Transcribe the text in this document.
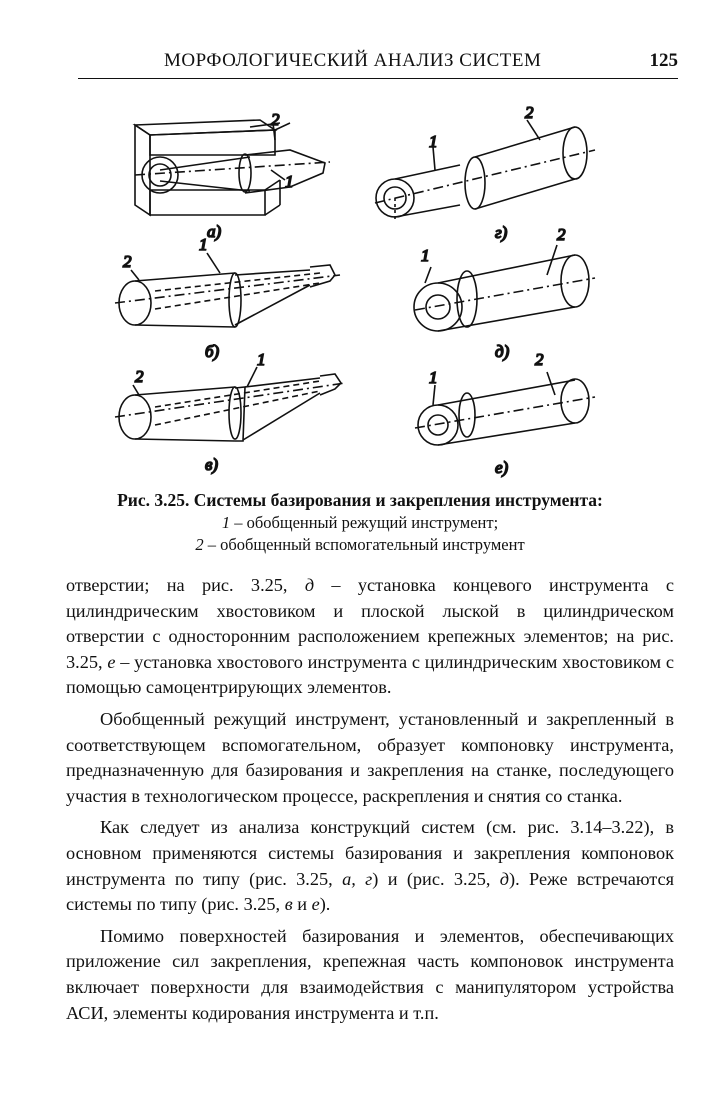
МОРФОЛОГИЧЕСКИЙ АНАЛИЗ СИСТЕМ	125
2
1
а)
1
2
б) 1
2
в)
1
2
г)
1
2
д)
1
2
е)
Рис. 3.25. Системы базирования и закрепления инструмента:
1 – обобщенный режущий инструмент;
2 – обобщенный вспомогательный инструмент

отверстии; на рис. 3.25, д – установка концевого инструмента с цилиндрическим хвостовиком и плоской лыской в цилиндрическом отверстии с односторонним расположением крепежных элементов; на рис. 3.25, е – установка хвостового инструмента с цилиндрическим хвостовиком с помощью самоцентрирующих элементов.

Обобщенный режущий инструмент, установленный и закрепленный в соответствующем вспомогательном, образует компоновку инструмента, предназначенную для базирования и закрепления на станке, последующего участия в технологическом процессе, раскрепления и снятия со станка.

Как следует из анализа конструкций систем (см. рис. 3.14–3.22), в основном применяются системы базирования и закрепления компоновок инструмента по типу (рис. 3.25, а, г) и (рис. 3.25, д). Реже встречаются системы по типу (рис. 3.25, в и е).

Помимо поверхностей базирования и элементов, обеспечивающих приложение сил закрепления, крепежная часть компоновок инструмента включает поверхности для взаимодействия с манипулятором устройства АСИ, элементы кодирования инструмента и т.п.
